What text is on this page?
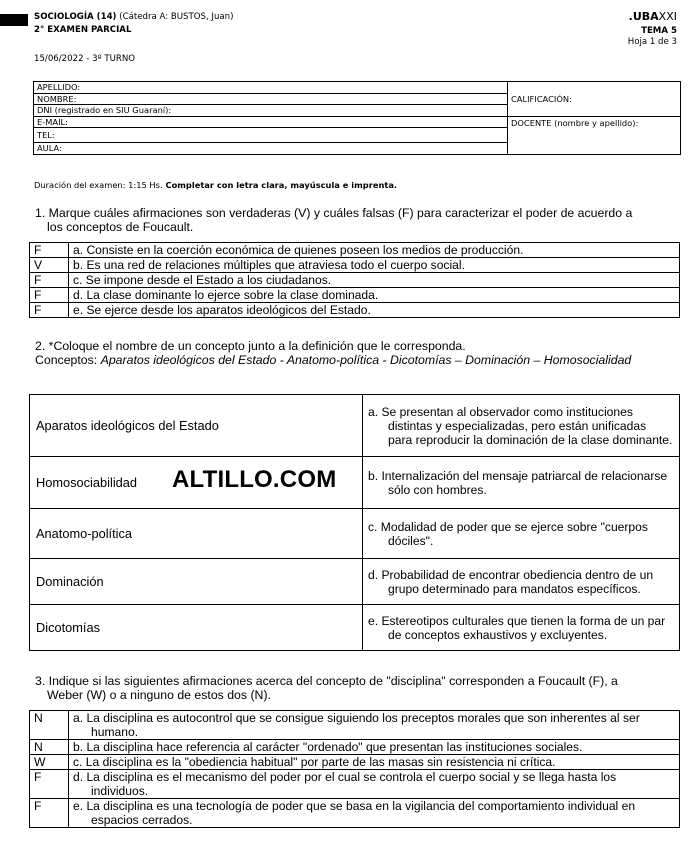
SOCIOLOGÍA (14) (Cátedra A: BUSTOS, Juan)
2° EXAMEN PARCIAL
15/06/2022 - 3º TURNO
.UBAXXI
TEMA 5
Hoja 1 de 3
APELLIDO:	CALIFICACIÓN:
NOMBRE:	
DNI (registrado en SIU Guaraní):	
E-MAIL:	DOCENTE (nombre y apellido):
TEL:	
AULA:	
Duración del examen: 1:15 Hs. Completar con letra clara, mayúscula e imprenta.
1. Marque cuáles afirmaciones son verdaderas (V) y cuáles falsas (F) para caracterizar el poder de acuerdo a los conceptos de Foucault.
F	a. Consiste en la coerción económica de quienes poseen los medios de producción.
V	b. Es una red de relaciones múltiples que atraviesa todo el cuerpo social.
F	c. Se impone desde el Estado a los ciudadanos.
F	d. La clase dominante lo ejerce sobre la clase dominada.
F	e. Se ejerce desde los aparatos ideológicos del Estado.
2. *Coloque el nombre de un concepto junto a la definición que le corresponda.
Conceptos: Aparatos ideológicos del Estado - Anatomo-política - Dicotomías – Dominación – Homosocialidad
Aparatos ideológicos del Estado	a. Se presentan al observador como instituciones distintas y especializadas, pero están unificadas para reproducir la dominación de la clase dominante.

Homosociabilidad	b. Internalización del mensaje patriarcal de relacionarse sólo con hombres.

Anatomo-política	c. Modalidad de poder que se ejerce sobre "cuerpos dóciles".

Dominación	d. Probabilidad de encontrar obediencia dentro de un grupo determinado para mandatos específicos.

Dicotomías	e. Estereotipos culturales que tienen la forma de un par de conceptos exhaustivos y excluyentes.
ALTILLO.COM
3. Indique si las siguientes afirmaciones acerca del concepto de "disciplina" corresponden a Foucault (F), a Weber (W) o a ninguno de estos dos (N).
N	a. La disciplina es autocontrol que se consigue siguiendo los preceptos morales que son inherentes al ser humano.

N	b. La disciplina hace referencia al carácter "ordenado" que presentan las instituciones sociales.

W	c. La disciplina es la "obediencia habitual" por parte de las masas sin resistencia ni crítica.

F	d. La disciplina es el mecanismo del poder por el cual se controla el cuerpo social y se llega hasta los individuos.

F	e. La disciplina es una tecnología de poder que se basa en la vigilancia del comportamiento individual en espacios cerrados.
